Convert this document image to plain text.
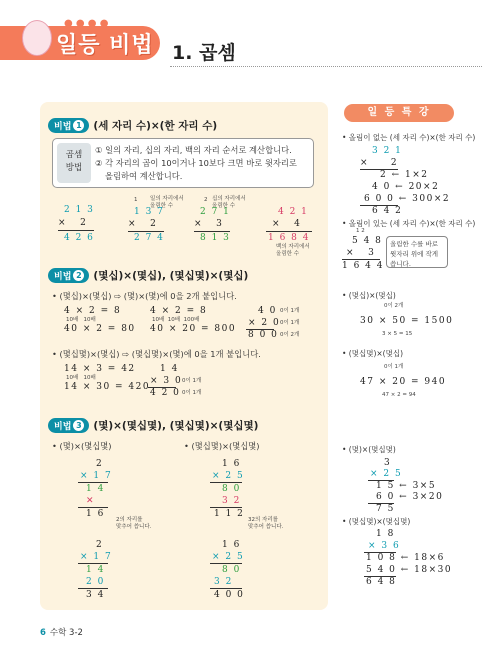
● ● ● ●
일등 비법 1. 곱셈
비법 1 (세 자리 수)×(한 자리 수)
곱셈
방법
① 일의 자리, 십의 자리, 백의 자리 순서로 계산합니다.
② 각 자리의 곱이 10이거나 10보다 크면 바로 윗자리로
올림하여 계산합니다.
2 1 3
×   2
4 2 6
1 일의 자리에서
올림한 수
1 3 7
×   2
2 7 4
2 십의 자리에서
올림한 수
2 7 1
×   3
8 1 3
4 2 1
×   4
1 6 8 4
백의 자리에서
올림한 수
비법 2 (몇십)×(몇십), (몇십몇)×(몇십)
• (몇십)×(몇십) ⇨ (몇)×(몇)에 0을 2개 붙입니다.
4 × 2 = 8
10배   10배
40 × 2 = 80
4 × 2 = 8
10배  10배  100배
40 × 20 = 800
4 0
× 2 0
8 0 0
0이 1개
0이 1개
0이 2개
• (몇십몇)×(몇십) ⇨ (몇십몇)×(몇)에 0을 1개 붙입니다.
14 × 3 = 42
10배   10배
14 × 30 = 420
1 4
× 3 0
4 2 0
0이 1개
0이 1개
비법 3 (몇)×(몇십몇), (몇십몇)×(몇십몇)
• (몇)×(몇십몇)	• (몇십몇)×(몇십몇)
2
× 1 7
1 4
✕
1 6
2의 자리를
맞추어 씁니다.
2
× 1 7
1 4
2 0
3 4
1 6
× 2 5
8 0
3 2
1 1 2
32의 자리를
맞추어 씁니다.
1 6
× 2 5
8 0
3 2
4 0 0
일 등 특 강
• 올림이 없는 (세 자리 수)×(한 자리 수)
3 2 1
×     2
2 ← 1×2
4 0 ← 20×2
6 0 0 ← 300×2
6 4 2
• 올림이 있는 (세 자리 수)×(한 자리 수)
1 2
5 4 8
×   3
1 6 4 4
올림한 수를 바로
윗자리 위에 작게
씁니다.
• (몇십)×(몇십)
0이 2개
30 × 50 = 1500
3 × 5 = 15
• (몇십몇)×(몇십)
0이 1개
47 × 20 = 940
47 × 2 = 94
• (몇)×(몇십몇)
3
× 2 5
1 5 ← 3×5
6 0 ← 3×20
7 5
• (몇십몇)×(몇십몇)
1 8
× 3 6
1 0 8 ← 18×6
5 4 0 ← 18×30
6 4 8
6 수학 3-2
